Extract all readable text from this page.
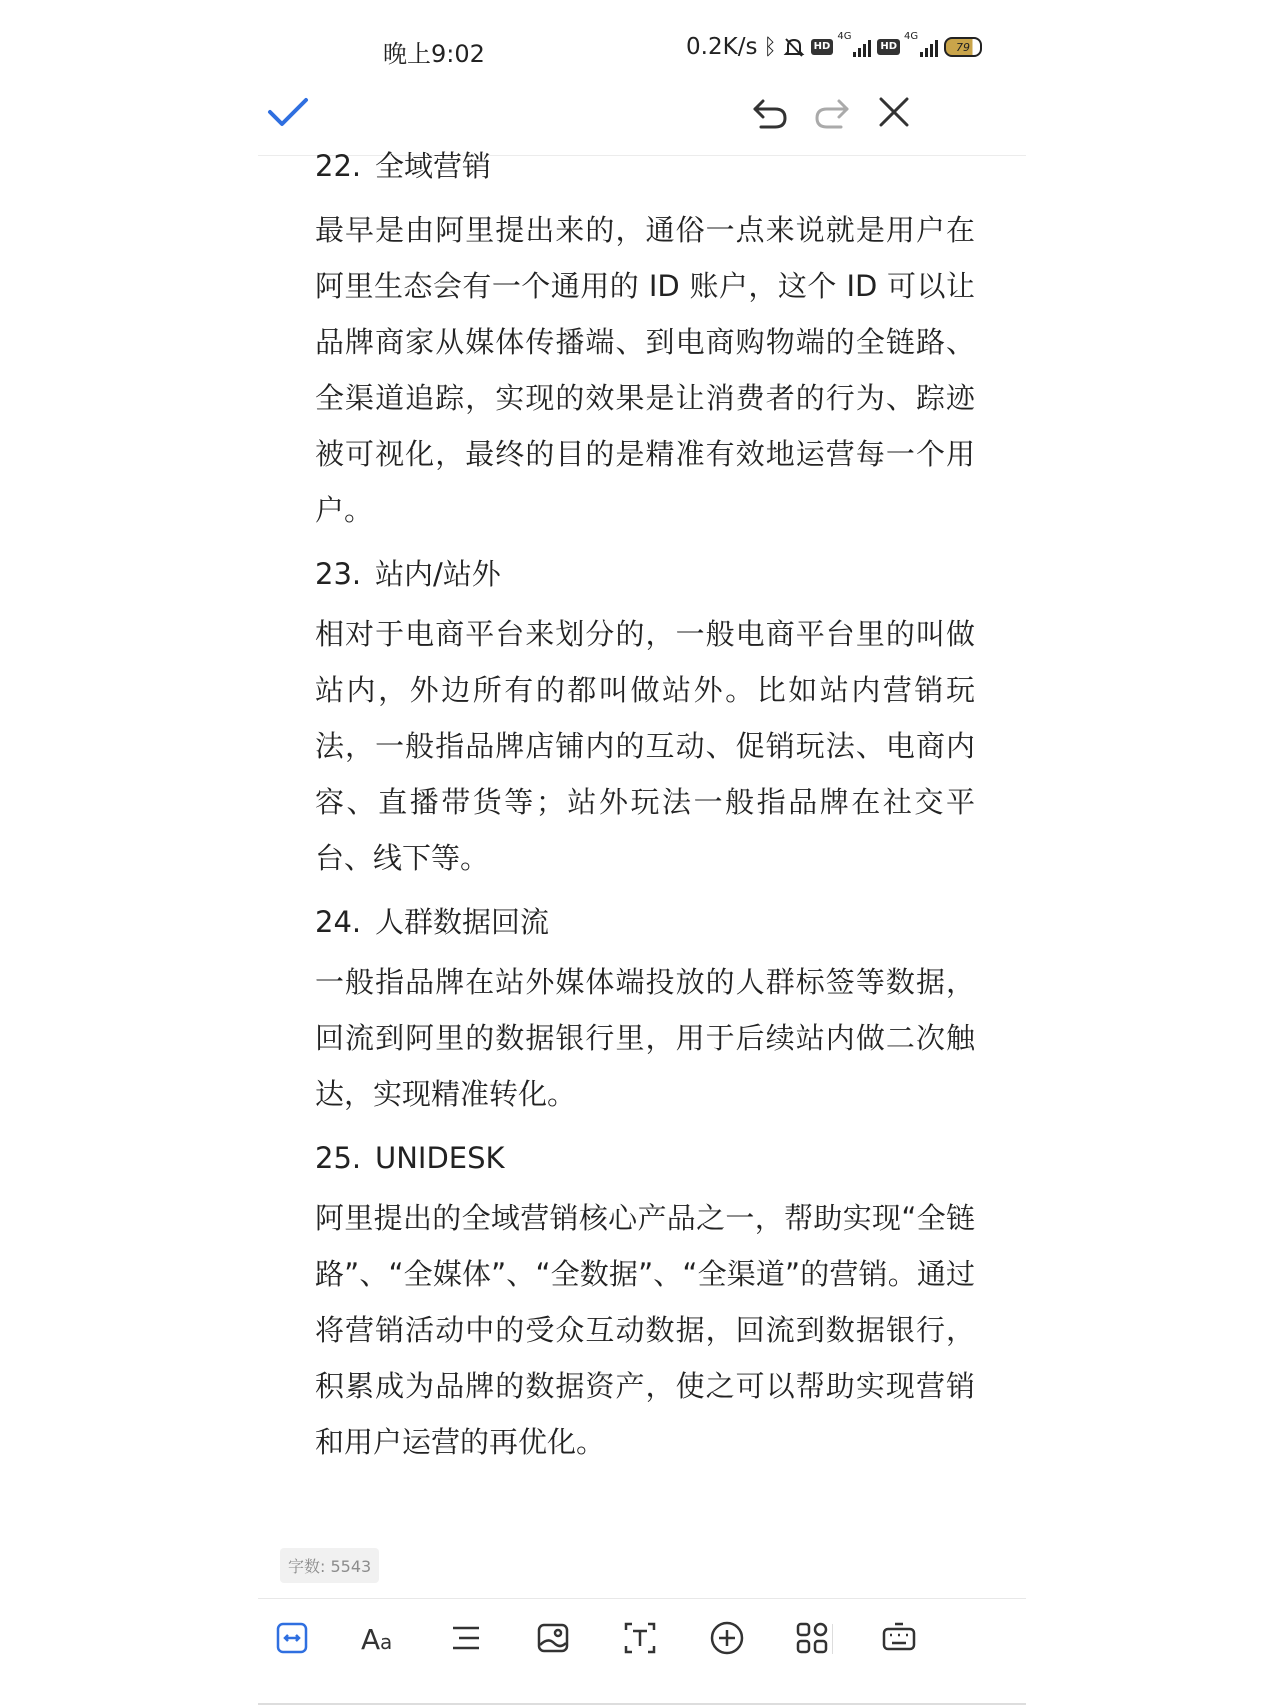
晚上9:02	0.2K/s ᛒ	HD
4G
HD
4G
79
22. 全域营销

最早是由阿里提出来的，通俗一点来说就是用户在阿里生态会有一个通用的 ID 账户，这个 ID 可以让品牌商家从媒体传播端、到电商购物端的全链路、全渠道追踪，实现的效果是让消费者的行为、踪迹被可视化，最终的目的是精准有效地运营每一个用户。

23. 站内/站外

相对于电商平台来划分的，一般电商平台里的叫做站内，外边所有的都叫做站外。比如站内营销玩法，一般指品牌店铺内的互动、促销玩法、电商内容、直播带货等；站外玩法一般指品牌在社交平台、线下等。

24. 人群数据回流

一般指品牌在站外媒体端投放的人群标签等数据，回流到阿里的数据银行里，用于后续站内做二次触达，实现精准转化。

25. UNIDESK

阿里提出的全域营销核心产品之一，帮助实现“全链路”、“全媒体”、“全数据”、“全渠道”的营销。通过将营销活动中的受众互动数据，回流到数据银行，积累成为品牌的数据资产，使之可以帮助实现营销和用户运营的再优化。

字数: 5543
A a
